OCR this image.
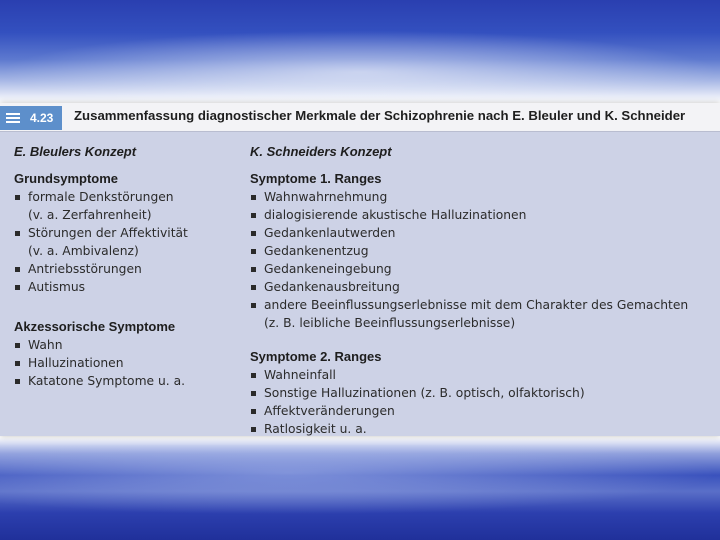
4.23 Zusammenfassung diagnostischer Merkmale der Schizophrenie nach E. Bleuler und K. Schneider
E. Bleulers Konzept
Grundsymptome
formale Denkstörungen
(v. a. Zerfahrenheit)
Störungen der Affektivität
(v. a. Ambivalenz)
Antriebsstörungen
Autismus
Akzessorische Symptome
Wahn
Halluzinationen
Katatone Symptome u. a.
K. Schneiders Konzept
Symptome 1. Ranges
Wahnwahrnehmung
dialogisierende akustische Halluzinationen
Gedankenlautwerden
Gedankenentzug
Gedankeneingebung
Gedankenausbreitung
andere Beeinflussungserlebnisse mit dem Charakter des Gemachten
(z. B. leibliche Beeinflussungserlebnisse)
Symptome 2. Ranges
Wahneinfall
Sonstige Halluzinationen (z. B. optisch, olfaktorisch)
Affektveränderungen
Ratlosigkeit u. a.
